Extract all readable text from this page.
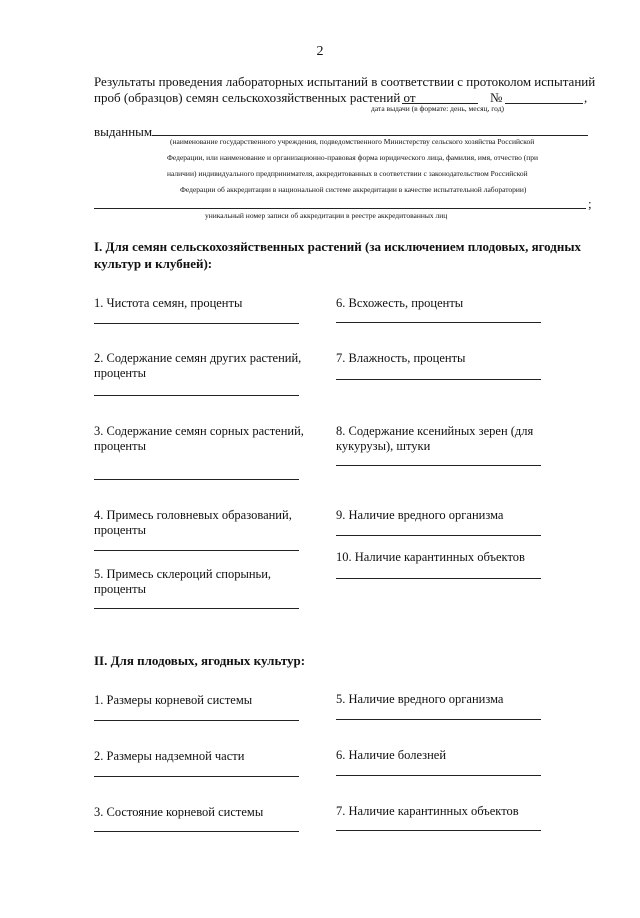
2
Результаты проведения лабораторных испытаний в соответствии с протоколом испытаний
проб (образцов) семян сельскохозяйственных растений от	№	,
дата выдачи (в формате: день, месяц, год)
выданным
(наименование государственного учреждения, подведомственного Министерству сельского хозяйства Российской
Федерации, или наименование и организационно-правовая форма юридического лица, фамилия, имя, отчество (при
наличии) индивидуального предпринимателя, аккредитованных в соответствии с законодательством Российской
Федерации об аккредитации в национальной системе аккредитации в качестве испытательной лаборатории)
;
уникальный номер записи об аккредитации в реестре аккредитованных лиц
I. Для семян сельскохозяйственных растений (за исключением плодовых, ягодных
культур и клубней):
1. Чистота семян, проценты
2. Содержание семян других растений,
проценты
3. Содержание семян сорных растений,
проценты
4. Примесь головневых образований,
проценты
5. Примесь склероций спорыньи,
проценты
6. Всхожесть, проценты
7. Влажность, проценты
8. Содержание ксенийных зерен (для
кукурузы), штуки
9. Наличие вредного организма
10. Наличие карантинных объектов
II. Для плодовых, ягодных культур:
1. Размеры корневой системы
2. Размеры надземной части
3. Состояние корневой системы
5. Наличие вредного организма
6. Наличие болезней
7. Наличие карантинных объектов
